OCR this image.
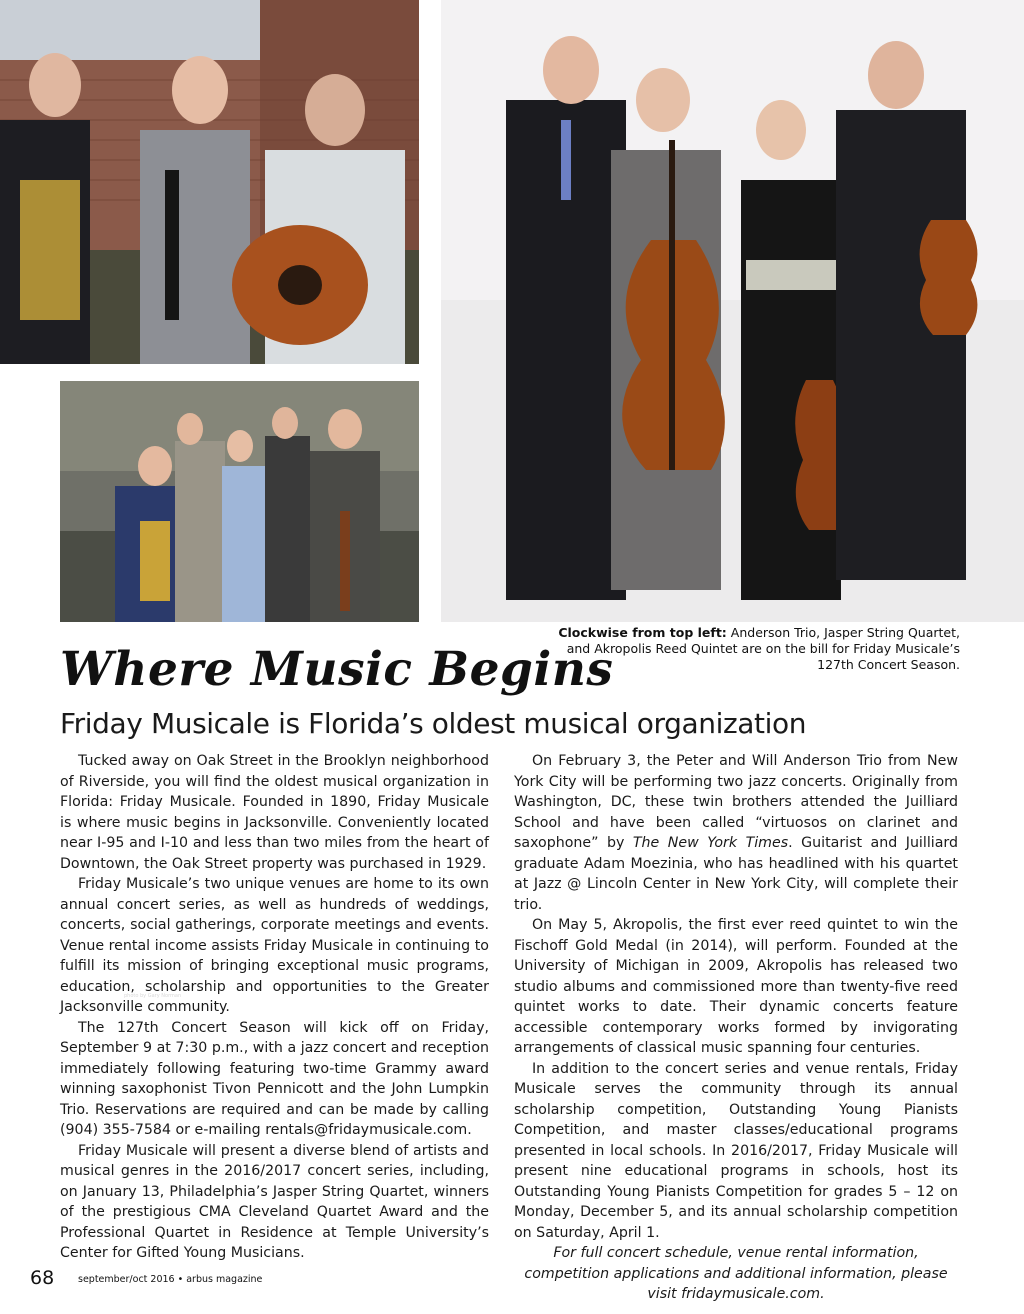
photo by Gary Norman
Clockwise from top left: Anderson Trio, Jasper String Quartet, and Akropolis Reed Quintet are on the bill for Friday Musicale’s 127th Concert Season.
Where Music Begins
Friday Musicale is Florida’s oldest musical organization

Tucked away on Oak Street in the Brooklyn neighborhood of Riverside, you will find the oldest musical organization in Florida: Friday Musicale. Founded in 1890, Friday Musicale is where music begins in Jacksonville. Conveniently located near I-95 and I-10 and less than two miles from the heart of Downtown, the Oak Street property was purchased in 1929.

Friday Musicale’s two unique venues are home to its own annual concert series, as well as hundreds of weddings, concerts, social gatherings, corporate meetings and events. Venue rental income assists Friday Musicale in continuing to fulfill its mission of bringing exceptional music programs, education, scholarship and opportunities to the Greater Jacksonville community.

The 127th Concert Season will kick off on Friday, September 9 at 7:30 p.m., with a jazz concert and reception immediately following featuring two-time Grammy award winning saxophonist Tivon Pennicott and the John Lumpkin Trio. Reservations are required and can be made by calling (904) 355-7584 or e-mailing rentals@fridaymusicale.com.

Friday Musicale will present a diverse blend of artists and musical genres in the 2016/2017 concert series, including, on January 13, Philadelphia’s Jasper String Quartet, winners of the prestigious CMA Cleveland Quartet Award and the Professional Quartet in Residence at Temple University’s Center for Gifted Young Musicians.

On February 3, the Peter and Will Anderson Trio from New York City will be performing two jazz concerts. Originally from Washington, DC, these twin brothers attended the Juilliard School and have been called “virtuosos on clarinet and saxophone” by The New York Times. Guitarist and Juilliard graduate Adam Moezinia, who has headlined with his quartet at Jazz @ Lincoln Center in New York City, will complete their trio.

On May 5, Akropolis, the first ever reed quintet to win the Fischoff Gold Medal (in 2014), will perform. Founded at the University of Michigan in 2009, Akropolis has released two studio albums and commissioned more than twenty-five reed quintet works to date. Their dynamic concerts feature accessible contemporary works formed by invigorating arrangements of classical music spanning four centuries.

In addition to the concert series and venue rentals, Friday Musicale serves the community through its annual scholarship competition, Outstanding Young Pianists Competition, and master classes/educational programs presented in local schools. In 2016/2017, Friday Musicale will present nine educational programs in schools, host its Outstanding Young Pianists Competition for grades 5 – 12 on Monday, December 5, and its annual scholarship competition on Saturday, April 1.

For full concert schedule, venue rental information, competition applications and additional information, please visit fridaymusicale.com.

68	september/oct 2016 • arbus magazine
